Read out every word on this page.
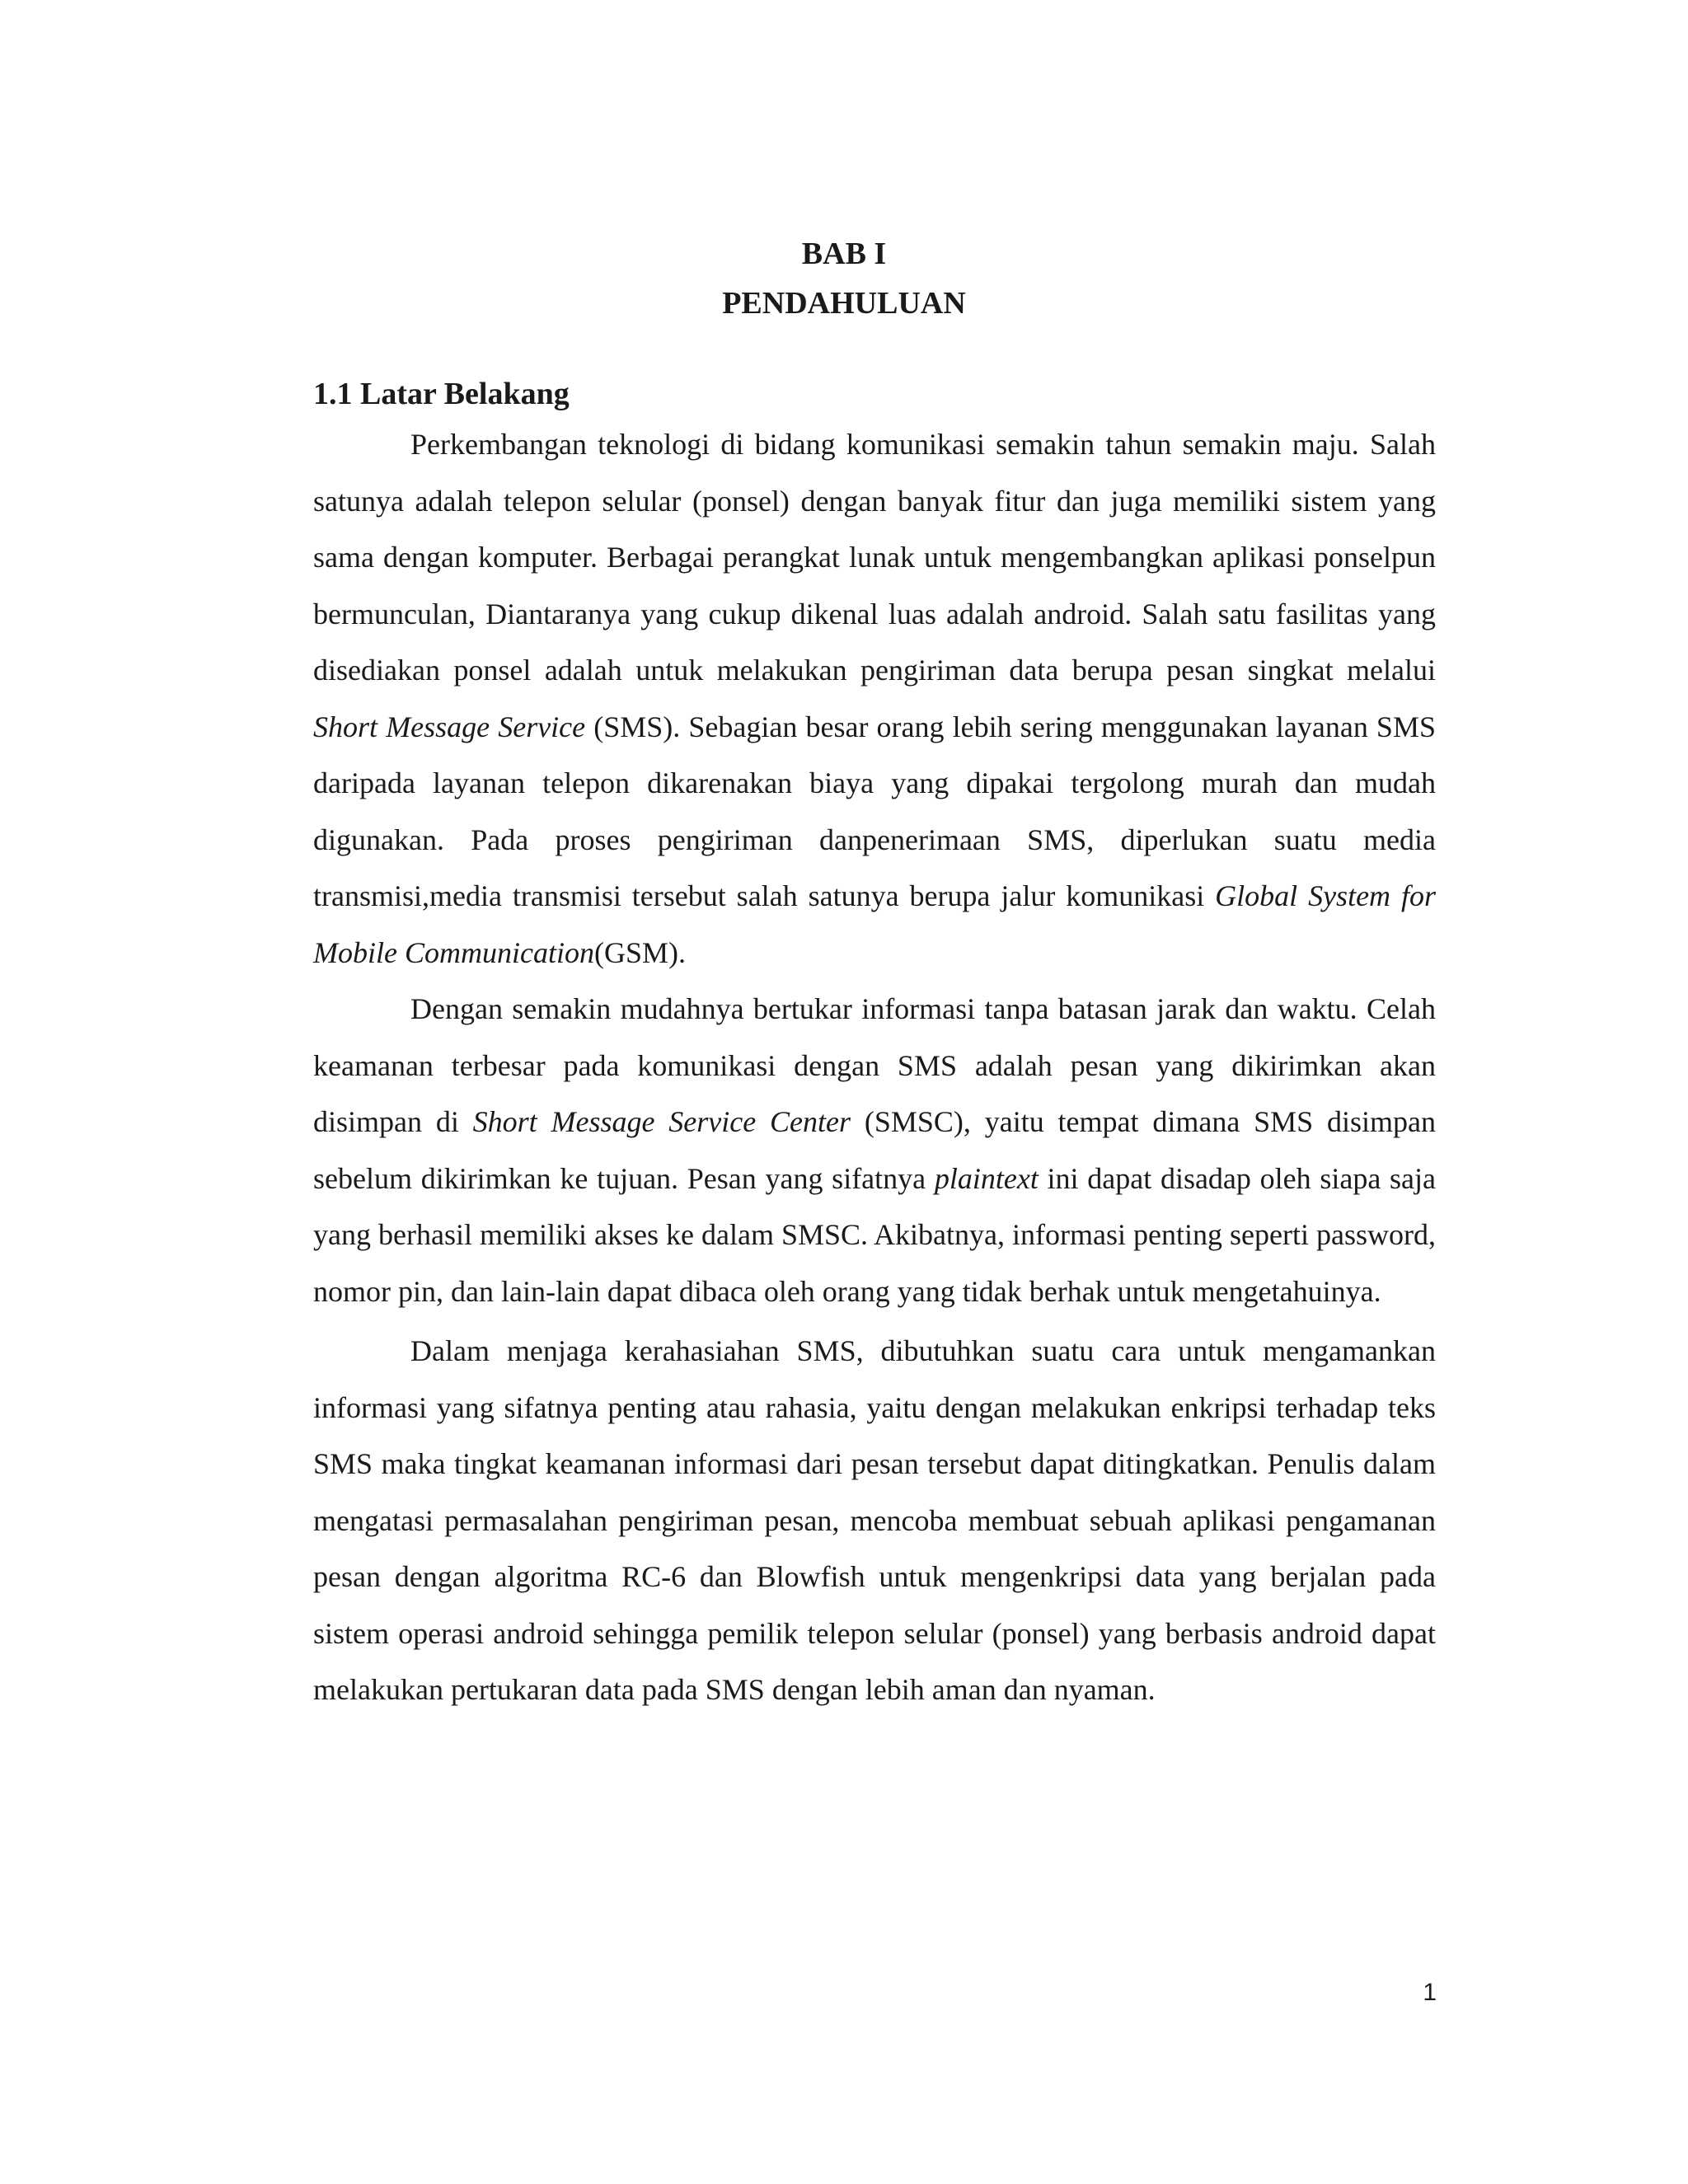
BAB I
PENDAHULUAN
1.1 Latar Belakang

Perkembangan teknologi di bidang komunikasi semakin tahun semakin maju. Salah satunya adalah telepon selular (ponsel) dengan banyak fitur dan juga memiliki sistem yang sama dengan komputer. Berbagai perangkat lunak untuk mengembangkan aplikasi ponselpun bermunculan, Diantaranya yang cukup dikenal luas adalah android. Salah satu fasilitas yang disediakan ponsel adalah untuk melakukan pengiriman data berupa pesan singkat melalui Short Message Service (SMS). Sebagian besar orang lebih sering menggunakan layanan SMS daripada layanan telepon dikarenakan biaya yang dipakai tergolong murah dan mudah digunakan. Pada proses pengiriman danpenerimaan SMS, diperlukan suatu media transmisi,media transmisi tersebut salah satunya berupa jalur komunikasi Global System for Mobile Communication(GSM).

Dengan semakin mudahnya bertukar informasi tanpa batasan jarak dan waktu. Celah keamanan terbesar pada komunikasi dengan SMS adalah pesan yang dikirimkan akan disimpan di Short Message Service Center (SMSC), yaitu tempat dimana SMS disimpan sebelum dikirimkan ke tujuan. Pesan yang sifatnya plaintext ini dapat disadap oleh siapa saja yang berhasil memiliki akses ke dalam SMSC. Akibatnya, informasi penting seperti password, nomor pin, dan lain-lain dapat dibaca oleh orang yang tidak berhak untuk mengetahuinya.

Dalam menjaga kerahasiahan SMS, dibutuhkan suatu cara untuk mengamankan informasi yang sifatnya penting atau rahasia, yaitu dengan melakukan enkripsi terhadap teks SMS maka tingkat keamanan informasi dari pesan tersebut dapat ditingkatkan. Penulis dalam mengatasi permasalahan pengiriman pesan, mencoba membuat sebuah aplikasi pengamanan pesan dengan algoritma RC-6 dan Blowfish untuk mengenkripsi data yang berjalan pada sistem operasi android sehingga pemilik telepon selular (ponsel) yang berbasis android dapat melakukan pertukaran data pada SMS dengan lebih aman dan nyaman.

1
